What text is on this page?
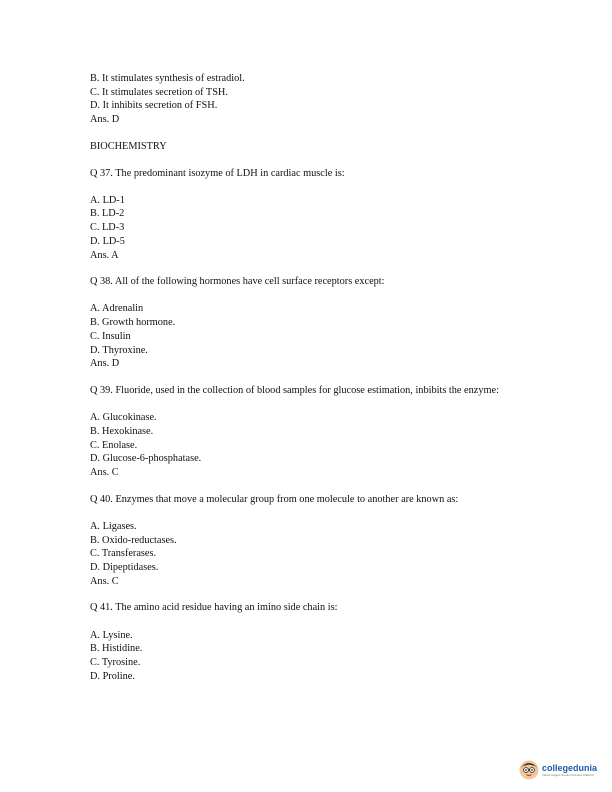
B. It stimulates synthesis of estradiol.
C. It stimulates secretion of TSH.
D. It inhibits secretion of FSH.
Ans. D
BIOCHEMISTRY
Q 37. The predominant isozyme of LDH in cardiac muscle is:
A. LD-1
B. LD-2
C. LD-3
D. LD-5
Ans. A
Q 38. All of the following hormones have cell surface receptors except:
A. Adrenalin
B. Growth hormone.
C. Insulin
D. Thyroxine.
Ans. D
Q 39. Fluoride, used in the collection of blood samples for glucose estimation, inbibits the enzyme:
A. Glucokinase.
B. Hexokinase.
C. Enolase.
D. Glucose-6-phosphatase.
Ans. C
Q 40. Enzymes that move a molecular group from one molecule to another are known as:
A. Ligases.
B. Oxido-reductases.
C. Transferases.
D. Dipeptidases.
Ans. C
Q 41. The amino acid residue having an imino side chain is:
A. Lysine.
B. Histidine.
C. Tyrosine.
D. Proline.
collegedunia
India's largest Student Review Platform
